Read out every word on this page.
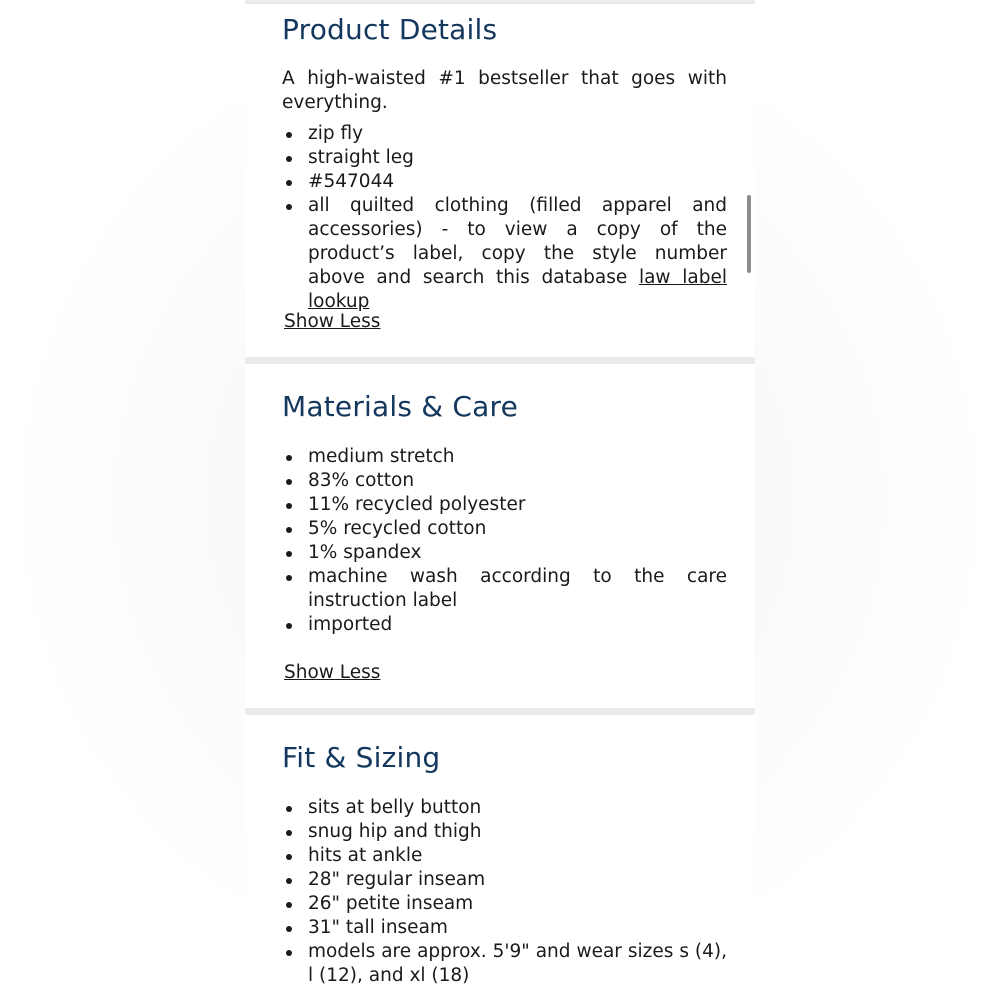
Product Details

A high-waisted #1 bestseller that goes with everything.

zip fly
straight leg
#547044
all quilted clothing (filled apparel and accessories) - to view a copy of the product’s label, copy the style number above and search this database law label lookup
Show Less
Materials & Care
medium stretch
83% cotton
11% recycled polyester
5% recycled cotton
1% spandex
machine wash according to the care instruction label
imported
Show Less
Fit & Sizing
sits at belly button
snug hip and thigh
hits at ankle
28" regular inseam
26" petite inseam
31" tall inseam
models are approx. 5'9" and wear sizes s (4), l (12), and xl (18)
